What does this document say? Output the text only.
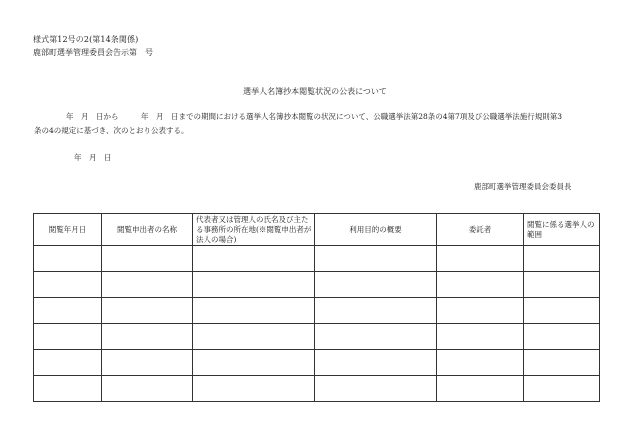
様式第12号の2(第14条関係)
鹿部町選挙管理委員会告示第　号
選挙人名簿抄本閲覧状況の公表について
年　月　日から　　　年　月　日までの期間における選挙人名簿抄本閲覧の状況について、公職選挙法第28条の4第7項及び公職選挙法施行規則第3
条の4の規定に基づき、次のとおり公表する。
年　月　日
鹿部町選挙管理委員会委員長
閲覧年月日	閲覧申出者の名称	代表者又は管理人の氏名及び主たる事務所の所在地(※閲覧申出者が法人の場合)	利用目的の概要	委託者	閲覧に係る選挙人の範囲
